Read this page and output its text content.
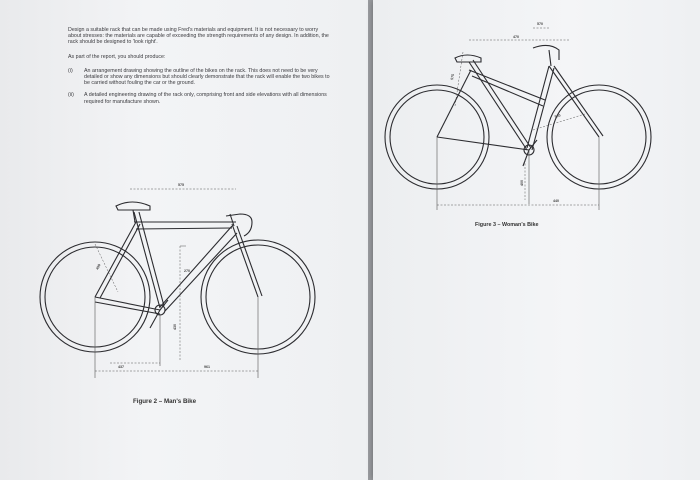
Design a suitable rack that can be made using Fred's materials and equipment. It is not necessary to worry about stresses: the materials are capable of exceeding the strength requirements of any design. In addition, the rack should be designed to 'look right'.

As part of the report, you should produce:

(i)	An arrangement drawing showing the outline of the bikes on the rack. This does not need to be very detailed or show any dimensions but should clearly demonstrate that the rack will enable the two bikes to be carried without fouling the car or the ground.
(ii)	A detailed engineering drawing of the rack only, comprising front and side elevations with all dimensions required for manufacture shown.
575
450
270
430
437	961
Figure 2 – Man's Bike
570
470
575
400
440
500
Figure 3 – Woman's Bike
